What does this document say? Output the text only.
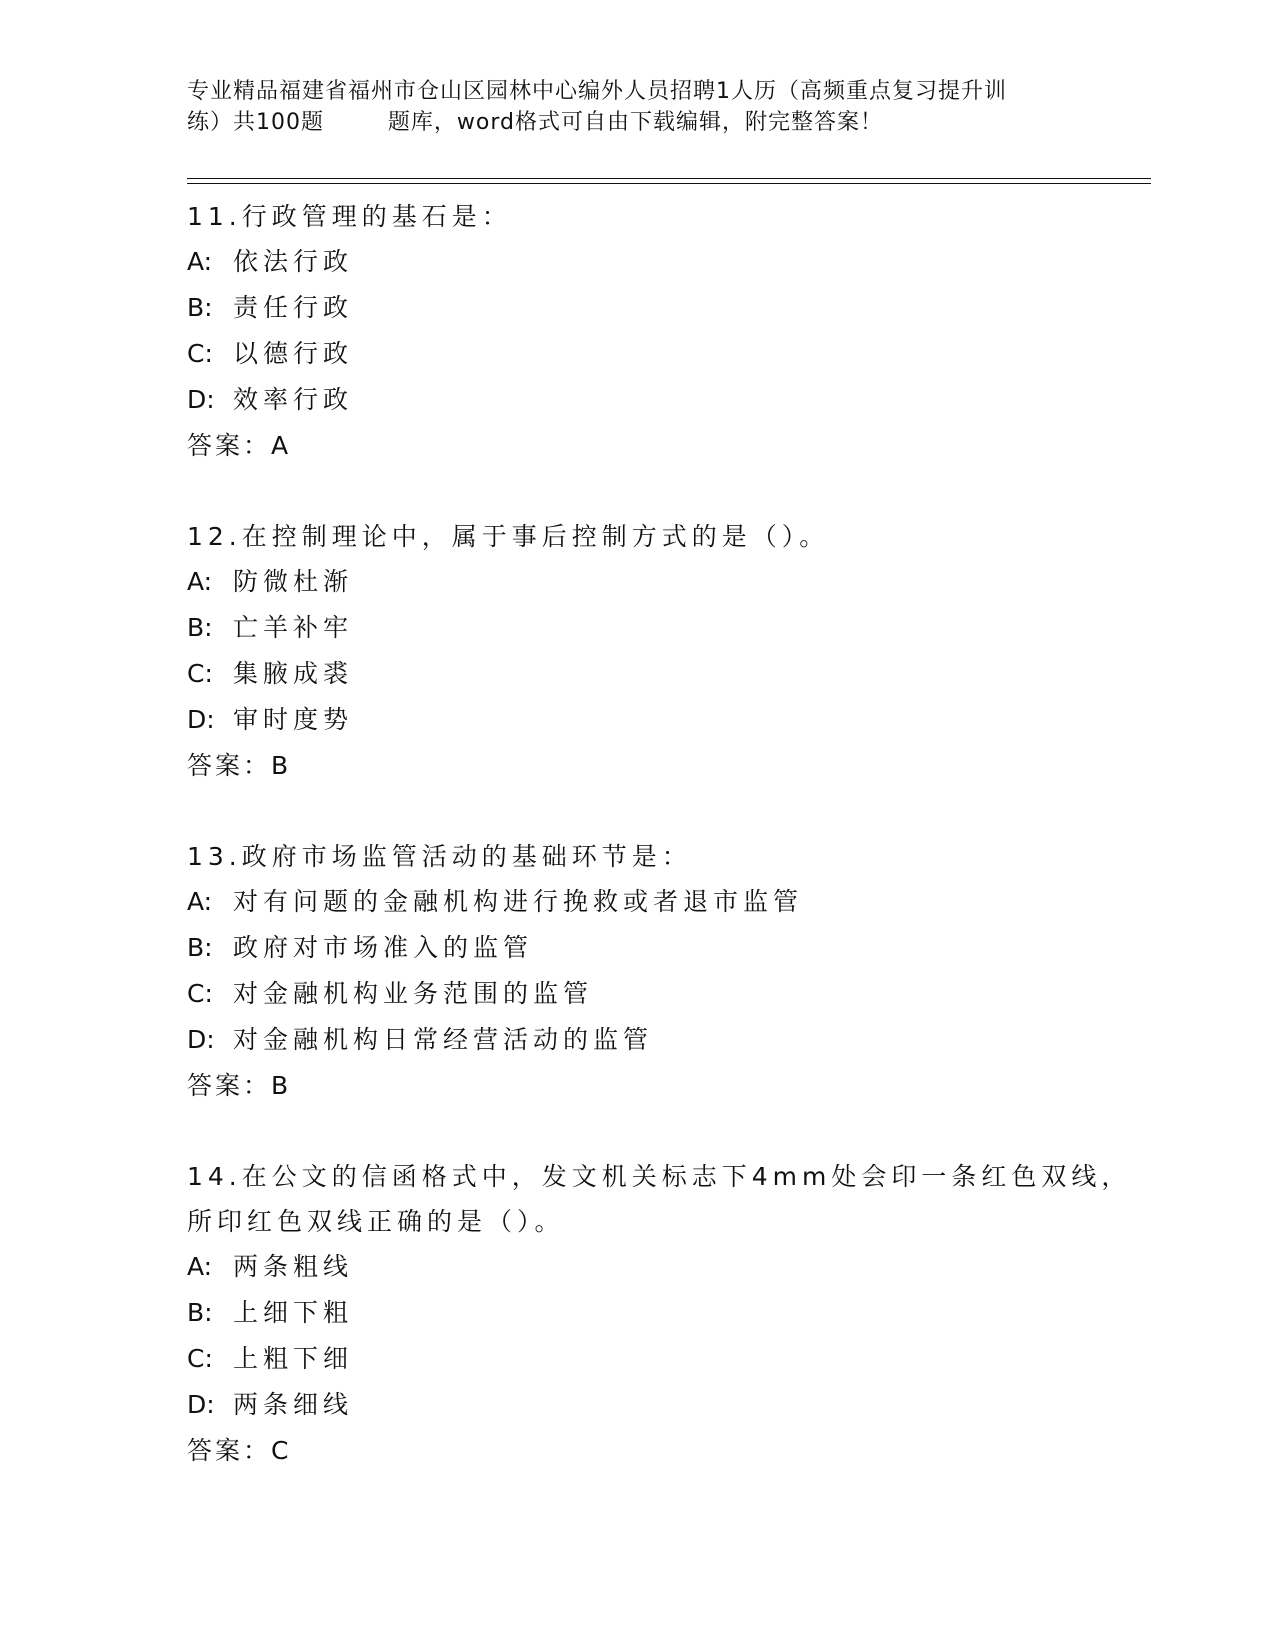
专业精品福建省福州市仓山区园林中心编外人员招聘1人历（高频重点复习提升训
练）共100题        题库，word格式可自由下载编辑，附完整答案！
11.行政管理的基石是：
A: 依法行政
B: 责任行政
C: 以德行政
D: 效率行政
答案：A
12.在控制理论中，属于事后控制方式的是（）。
A: 防微杜渐
B: 亡羊补牢
C: 集腋成裘
D: 审时度势
答案：B
13.政府市场监管活动的基础环节是：
A: 对有问题的金融机构进行挽救或者退市监管
B: 政府对市场准入的监管
C: 对金融机构业务范围的监管
D: 对金融机构日常经营活动的监管
答案：B
14.在公文的信函格式中，发文机关标志下4mm处会印一条红色双线，
所印红色双线正确的是（）。
A: 两条粗线
B: 上细下粗
C: 上粗下细
D: 两条细线
答案：C
